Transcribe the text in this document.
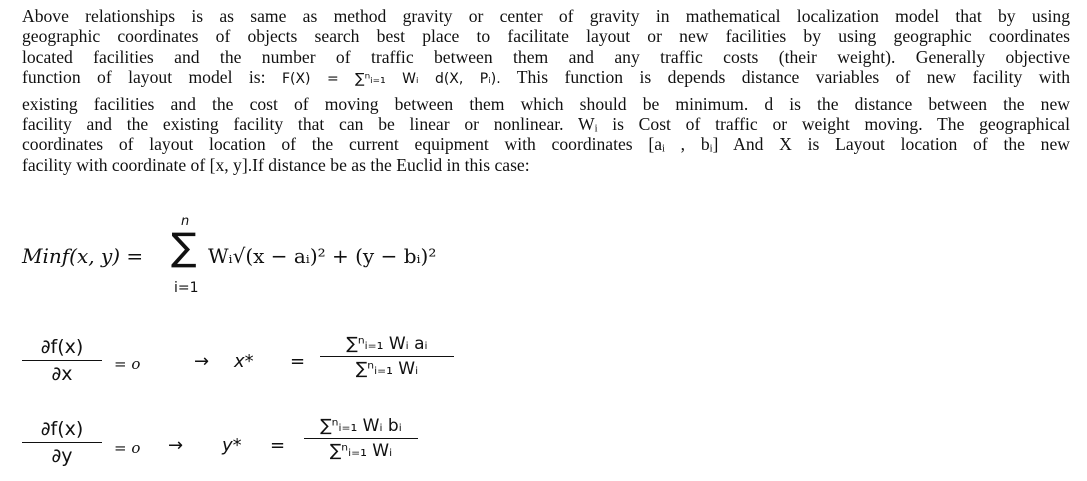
Above relationships is as same as method gravity or center of gravity in mathematical localization model that by using
geographic coordinates of objects search best place to facilitate layout or new facilities by using geographic coordinates
located facilities and the number of traffic between them and any traffic costs (their weight). Generally objective
function of layout model is: F(X) = ∑ⁿᵢ₌₁ Wᵢ d(X, Pᵢ). This function is depends distance variables of new facility with
existing facilities and the cost of moving between them which should be minimum. d is the distance between the new
facility and the existing facility that can be linear or nonlinear. Wᵢ is Cost of traffic or weight moving. The geographical
coordinates of layout location of the current equipment with coordinates [aᵢ , bᵢ] And X is Layout location of the new
facility with coordinate of [x, y].If distance be as the Euclid in this case:
Minf(x, y) =
n
∑
i=1
Wᵢ√(x − aᵢ)² + (y − bᵢ)²
$\frac{\partial f(x)}{\partial x} = o$	→ $x* = \frac{\text{∑ⁿᵢ₌₁ Wᵢ aᵢ}}{\text{∑ⁿᵢ₌₁ Wᵢ}}$
$\frac{\partial f(x)}{\partial y} = o \to y* = \frac{\text{∑ⁿᵢ₌₁ Wᵢ bᵢ}}{\text{∑ⁿᵢ₌₁ Wᵢ}}$
